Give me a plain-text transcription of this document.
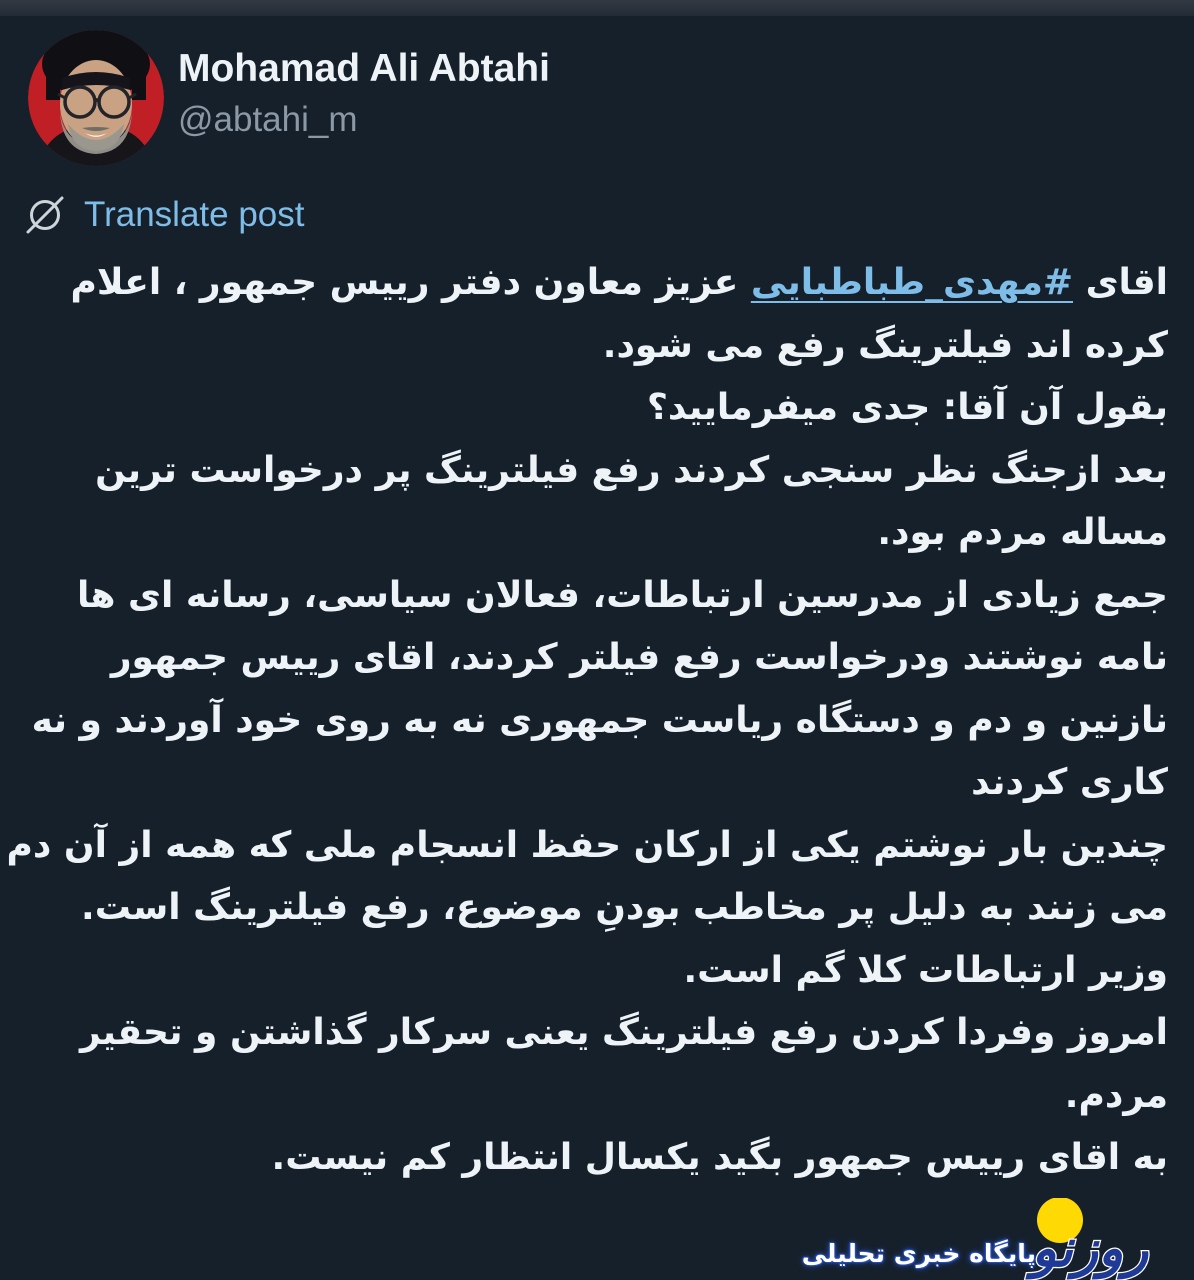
Mohamad Ali Abtahi
@abtahi_m
Translate post
اقای #مهدی_طباطبایی عزیز معاون دفتر رییس جمهور ، اعلام
کرده اند فیلترینگ رفع می شود.
بقول آن آقا: جدی میفرمایید؟
بعد ازجنگ نظر سنجی کردند رفع فیلترینگ پر درخواست ترین
مساله مردم بود.
جمع زیادی از مدرسین ارتباطات، فعالان سیاسی، رسانه ای ها
نامه نوشتند ودرخواست رفع فیلتر کردند، اقای رییس جمهور
نازنین و دم و دستگاه ریاست جمهوری نه به روی خود آوردند و نه
کاری کردند
چندین بار نوشتم یکی از ارکان حفظ انسجام ملی که همه از آن دم
می زنند به دلیل پر مخاطب بودنِ موضوع، رفع فیلترینگ است.
وزیر ارتباطات کلا گم است.
امروز وفردا کردن رفع فیلترینگ یعنی سرکار گذاشتن و تحقیر
مردم.
به اقای رییس جمهور بگید یکسال انتظار کم نیست.
پایگاه خبری تحلیلی
روزنو
